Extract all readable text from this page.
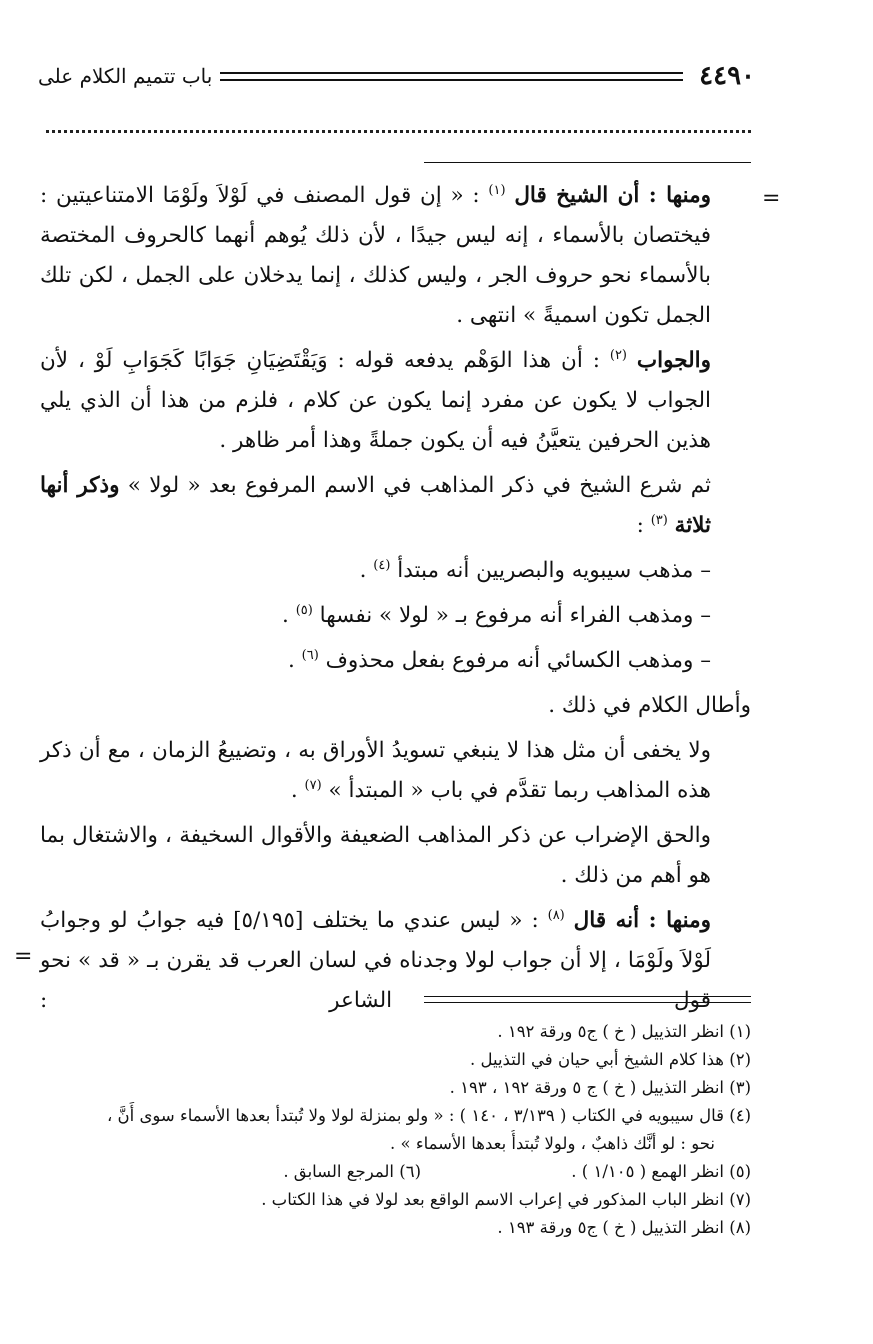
٤٤٩٠
باب تتميم الكلام على
=
=

ومنها : أن الشيخ قال $^{(١)}$ : « إن قول المصنف في لَوْلاَ ولَوْمَا الامتناعيتين : فيختصان بالأسماء ، إنه ليس جيدًا ، لأن ذلك يُوهم أنهما كالحروف المختصة بالأسماء نحو حروف الجر ، وليس كذلك ، إنما يدخلان على الجمل ، لكن تلك الجمل تكون اسميةً » انتهى .

والجواب $^{(٢)}$ : أن هذا الوَهْم يدفعه قوله : وَيَقْتَضِيَانِ جَوَابًا كَجَوَابِ لَوْ ، لأن الجواب لا يكون عن مفرد إنما يكون عن كلام ، فلزم من هذا أن الذي يلي هذين الحرفين يتعيَّنُ فيه أن يكون جملةً وهذا أمر ظاهر .

ثم شرع الشيخ في ذكر المذاهب في الاسم المرفوع بعد « لولا » وذكر أنها ثلاثة $^{(٣)}$ :

– مذهب سيبويه والبصريين أنه مبتدأ $^{(٤)}$ .

– ومذهب الفراء أنه مرفوع بـ « لولا » نفسها $^{(٥)}$ .

– ومذهب الكسائي أنه مرفوع بفعل محذوف $^{(٦)}$ .

وأطال الكلام في ذلك .

ولا يخفى أن مثل هذا لا ينبغي تسويدُ الأوراق به ، وتضييعُ الزمان ، مع أن ذكر هذه المذاهب ربما تقدَّم في باب « المبتدأ » $^{(٧)}$ .

والحق الإضراب عن ذكر المذاهب الضعيفة والأقوال السخيفة ، والاشتغال بما هو أهم من ذلك .

ومنها : أنه قال $^{(٨)}$ : « ليس عندي ما يختلف [٥/١٩٥] فيه جوابُ لو وجوابُ لَوْلاَ ولَوْمَا ، إلا أن جواب لولا وجدناه في لسان العرب قد يقرن بـ « قد » نحو قول الشاعر :

(١) انظر التذييل ( خ ) ج٥ ورقة ١٩٢ .

(٢) هذا كلام الشيخ أبي حيان في التذييل .

(٣) انظر التذييل ( خ ) ج ٥ ورقة ١٩٢ ، ١٩٣ .

(٤) قال سيبويه في الكتاب ( ٣/١٣٩ ، ١٤٠ ) : « ولو بمنزلة لولا ولا تُبتدأ بعدها الأسماء سوى أَنَّ ،

نحو : لو أنَّك ذاهبٌ ، ولولا تُبتدأُ بعدها الأسماء » .

(٥) انظر الهمع ( ١/١٠٥ ) .
(٦) المرجع السابق .

(٧) انظر الباب المذكور في إعراب الاسم الواقع بعد لولا في هذا الكتاب .

(٨) انظر التذييل ( خ ) ج٥ ورقة ١٩٣ .
